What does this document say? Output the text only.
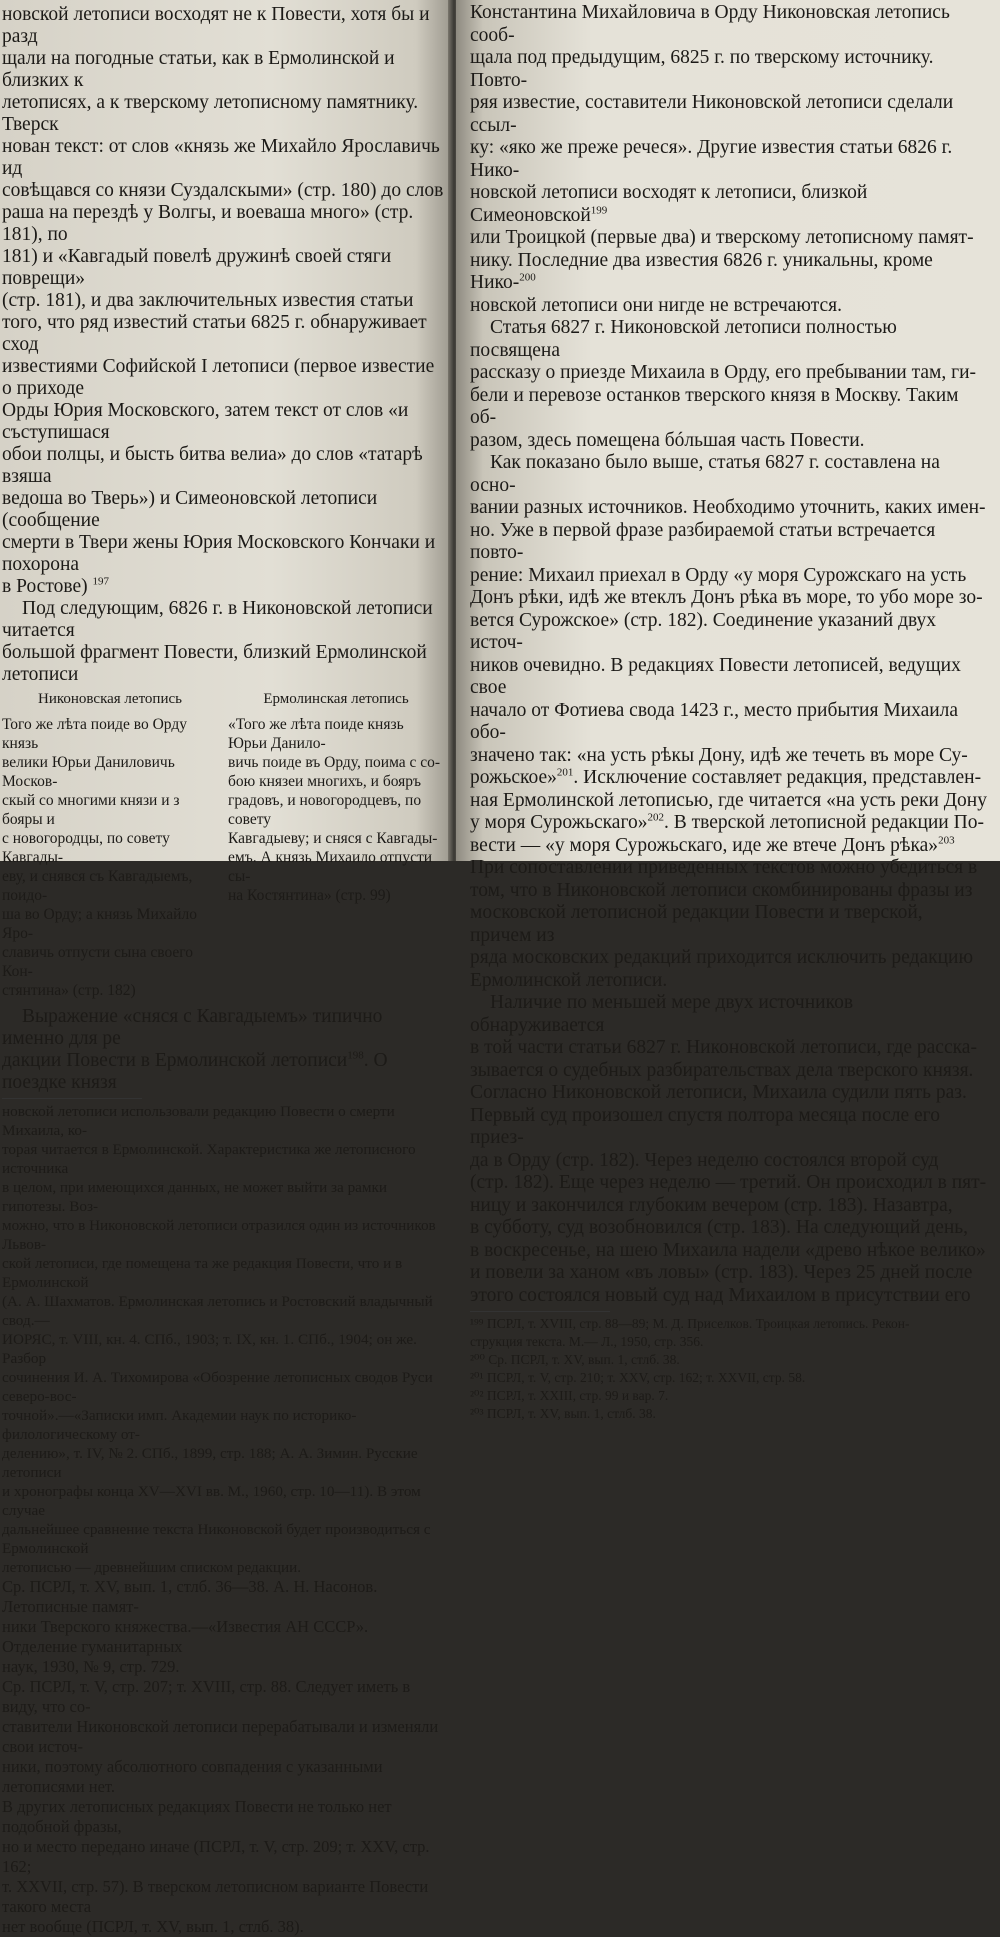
новской летописи восходят не к Повести, хотя бы и разд

щали на погодные статьи, как в Ермолинской и близких к

летописях, а к тверскому летописному памятнику. Тверск

нован текст: от слов «князь же Михайло Ярославичь ид

совѣщався со князи Суздалскыми» (стр. 180) до слов

раша на перездѣ у Волгы, и воеваша много» (стр. 181), по

181) и «Кавгадый повелѣ дружинѣ своей стяги поврещи»

(стр. 181), и два заключительных известия статьи

того, что ряд известий статьи 6825 г. обнаруживает сход

известиями Софийской I летописи (первое известие о приходе

Орды Юрия Московского, затем текст от слов «и съступишася

обои полцы, и бысть битва велиа» до слов «татарѣ взяша

ведоша во Тверь») и Симеоновской летописи (сообщение

смерти в Твери жены Юрия Московского Кончаки и похорона

в Ростове) $^{197}$

Под следующим, 6826 г. в Никоновской летописи читается

большой фрагмент Повести, близкий Ермолинской летописи

Никоновская летопись
Того же лѣта поиде во Орду князь
велики Юрьи Даниловичь Москов-
скый со многими князи и з бояры и
с новогородцы, по совету Кавгады-
еву, и снявся съ Кавгадыемъ, поидо-
ша во Орду; а князь Михайло Яро-
славичь отпусти сына своего Кон-
стянтина» (стр. 182)
Ермолинская летопись
«Того же лѣта поиде князь Юрьи Данило-
вичь поиде въ Орду, поима с со-
бою князеи многихъ, и бояръ
градовъ, и новогородцевъ, по совету
Кавгадыеву; и сняся с Кавгады-
емъ. А князь Михаило отпусти сы-
на Костянтина» (стр. 99)

Выражение «сняся с Кавгадыемъ» типично именно для ре

дакции Повести в Ермолинской летописи$^{198}$. О поездке князя

новской летописи использовали редакцию Повести о смерти Михаила, ко-

торая читается в Ермолинской. Характеристика же летописного источника

в целом, при имеющихся данных, не может выйти за рамки гипотезы. Воз-

можно, что в Никоновской летописи отразился один из источников Львов-

ской летописи, где помещена та же редакция Повести, что и в Ермолинской

(А. А. Шахматов. Ермолинская летопись и Ростовский владычный свод.—

ИОРЯС, т. VIII, кн. 4. СПб., 1903; т. IX, кн. 1. СПб., 1904; он же. Разбор

сочинения И. А. Тихомирова «Обозрение летописных сводов Руси северо-вос-

точной».—«Записки имп. Академии наук по историко-филологическому от-

делению», т. IV, № 2. СПб., 1899, стр. 188; А. А. Зимин. Русские летописи

и хронографы конца XV—XVI вв. М., 1960, стр. 10—11). В этом случае

дальнейшее сравнение текста Никоновской будет производиться с Ермолинской

летописью — древнейшим списком редакции.

Ср. ПСРЛ, т. XV, вып. 1, стлб. 36—38. А. Н. Насонов. Летописные памят-

ники Тверского княжества.—«Известия АН СССР». Отделение гуманитарных

наук, 1930, № 9, стр. 729.

Ср. ПСРЛ, т. V, стр. 207; т. XVIII, стр. 88. Следует иметь в виду, что со-

ставители Никоновской летописи перерабатывали и изменяли свои источ-

ники, поэтому абсолютного совпадения с указанными летописями нет.

В других летописных редакциях Повести не только нет подобной фразы,

но и место передано иначе (ПСРЛ, т. V, стр. 209; т. XXV, стр. 162;

т. XXVII, стр. 57). В тверском летописном варианте Повести такого места

нет вообще (ПСРЛ, т. XV, вып. 1, стлб. 38).

Константина Михайловича в Орду Никоновская летопись сооб-

щала под предыдущим, 6825 г. по тверскому источнику. Повто-

ряя известие, составители Никоновской летописи сделали ссыл-

ку: «яко же преже речеся». Другие известия статьи 6826 г. Нико-

новской летописи восходят к летописи, близкой Симеоновской$^{199}$

или Троицкой (первые два) и тверскому летописному памят-

нику. Последние два известия 6826 г. уникальны, кроме Нико-$^{200}$

новской летописи они нигде не встречаются.

Статья 6827 г. Никоновской летописи полностью посвящена

рассказу о приезде Михаила в Орду, его пребывании там, ги-

бели и перевозе останков тверского князя в Москву. Таким об-

разом, здесь помещена бóльшая часть Повести.

Как показано было выше, статья 6827 г. составлена на осно-

вании разных источников. Необходимо уточнить, каких имен-

но. Уже в первой фразе разбираемой статьи встречается повто-

рение: Михаил приехал в Орду «у моря Сурожскаго на усть

Донъ рѣки, идѣ же втеклъ Донъ рѣка въ море, то убо море зо-

вется Сурожское» (стр. 182). Соединение указаний двух источ-

ников очевидно. В редакциях Повести летописей, ведущих свое

начало от Фотиева свода 1423 г., место прибытия Михаила обо-

значено так: «на усть рѣкы Дону, идѣ же течеть въ море Су-

рожьское»$^{201}$. Исключение составляет редакция, представлен-

ная Ермолинской летописью, где читается «на усть реки Дону

у моря Сурожьскаго»$^{202}$. В тверской летописной редакции По-

вести — «у моря Сурожьскаго, иде же втече Донъ рѣка»$^{203}$

При сопоставлении приведенных текстов можно убедиться в

том, что в Никоновской летописи скомбинированы фразы из

московской летописной редакции Повести и тверской, причем из

ряда московских редакций приходится исключить редакцию

Ермолинской летописи.

Наличие по меньшей мере двух источников обнаруживается

в той части статьи 6827 г. Никоновской летописи, где расска-

зывается о судебных разбирательствах дела тверского князя.

Согласно Никоновской летописи, Михаила судили пять раз.

Первый суд произошел спустя полтора месяца после его приез-

да в Орду (стр. 182). Через неделю состоялся второй суд

(стр. 182). Еще через неделю — третий. Он происходил в пят-

ницу и закончился глубоким вечером (стр. 183). Назавтра,

в субботу, суд возобновился (стр. 183). На следующий день,

в воскресенье, на шею Михаила надели «древо нѣкое велико»

и повели за ханом «въ ловы» (стр. 183). Через 25 дней после

этого состоялся новый суд над Михаилом в присутствии его

¹⁹⁹ ПСРЛ, т. XVIII, стр. 88—89; М. Д. Приселков. Троицкая летопись. Рекон-

струкция текста. М.— Л., 1950, стр. 356.

²⁰⁰ Ср. ПСРЛ, т. XV, вып. 1, стлб. 38.

²⁰¹ ПСРЛ, т. V, стр. 210; т. XXV, стр. 162; т. XXVII, стр. 58.

²⁰² ПСРЛ, т. XXIII, стр. 99 и вар. 7.

²⁰³ ПСРЛ, т. XV, вып. 1, стлб. 38.
